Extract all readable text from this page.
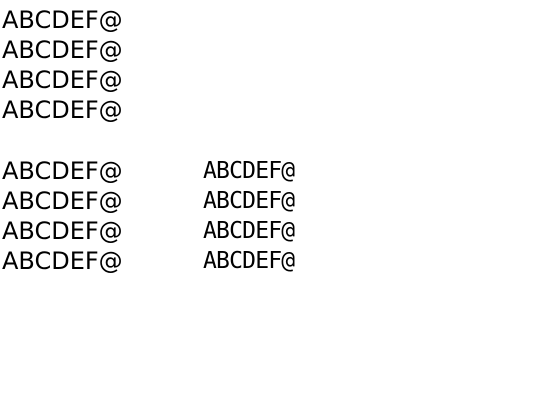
ABCDEF@

ABCDEF@

ABCDEF@

ABCDEF@

ABCDEF@

ABCDEF@

ABCDEF@

ABCDEF@

ABCDEF@

ABCDEF@

ABCDEF@

ABCDEF@
